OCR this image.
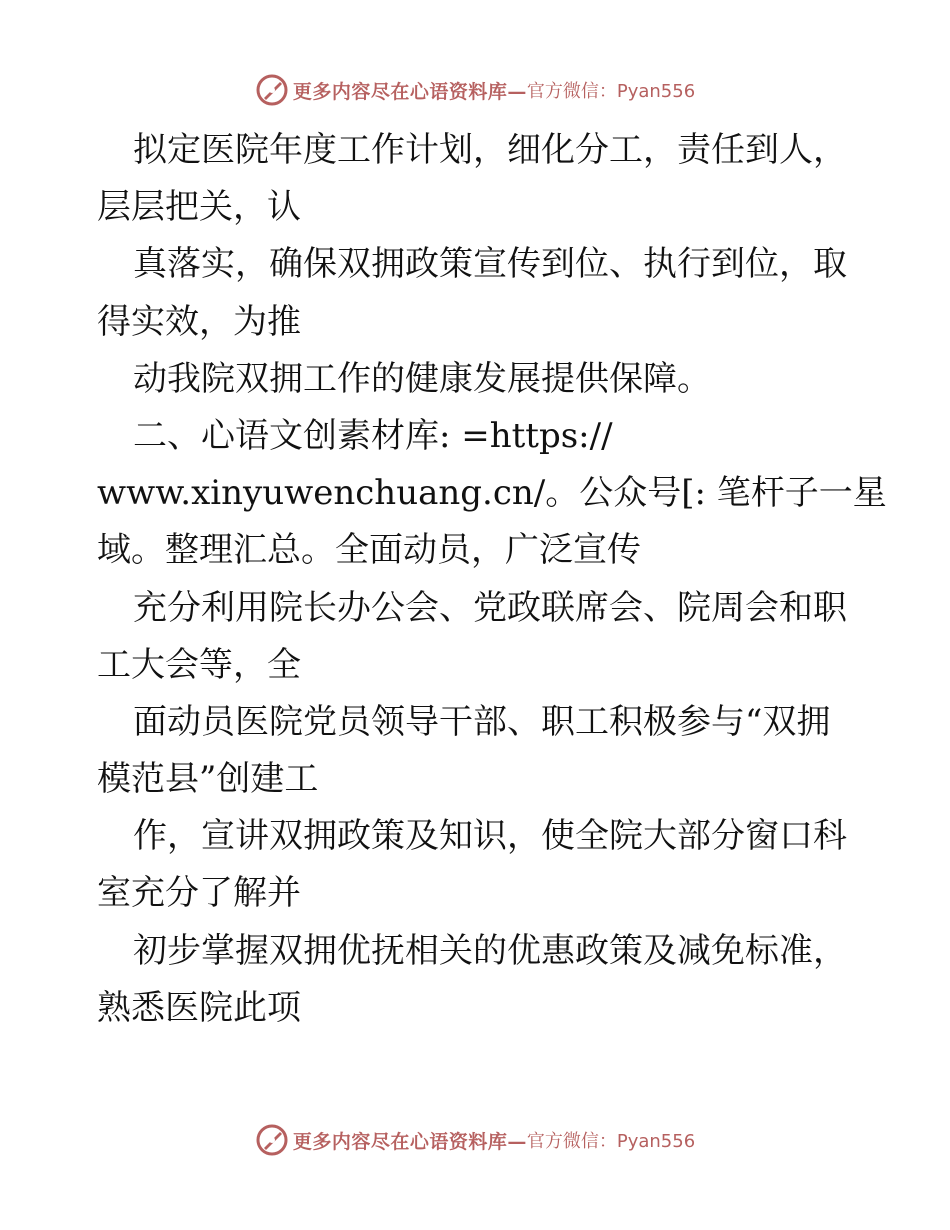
更多内容尽在心语资料库— 官方微信：Pyan556
拟定医院年度工作计划，细化分工，责任到人，
层层把关，认
真落实，确保双拥政策宣传到位、执行到位，取
得实效，为推
动我院双拥工作的健康发展提供保障。
二、心语文创素材库: =https://
www.xinyuwenchuang.cn/。公众号[: 笔杆子一星
域。整理汇总。全面动员，广泛宣传
充分利用院长办公会、党政联席会、院周会和职
工大会等，全
面动员医院党员领导干部、职工积极参与“双拥
模范县”创建工
作，宣讲双拥政策及知识，使全院大部分窗口科
室充分了解并
初步掌握双拥优抚相关的优惠政策及减免标准，
熟悉医院此项
更多内容尽在心语资料库— 官方微信：Pyan556
